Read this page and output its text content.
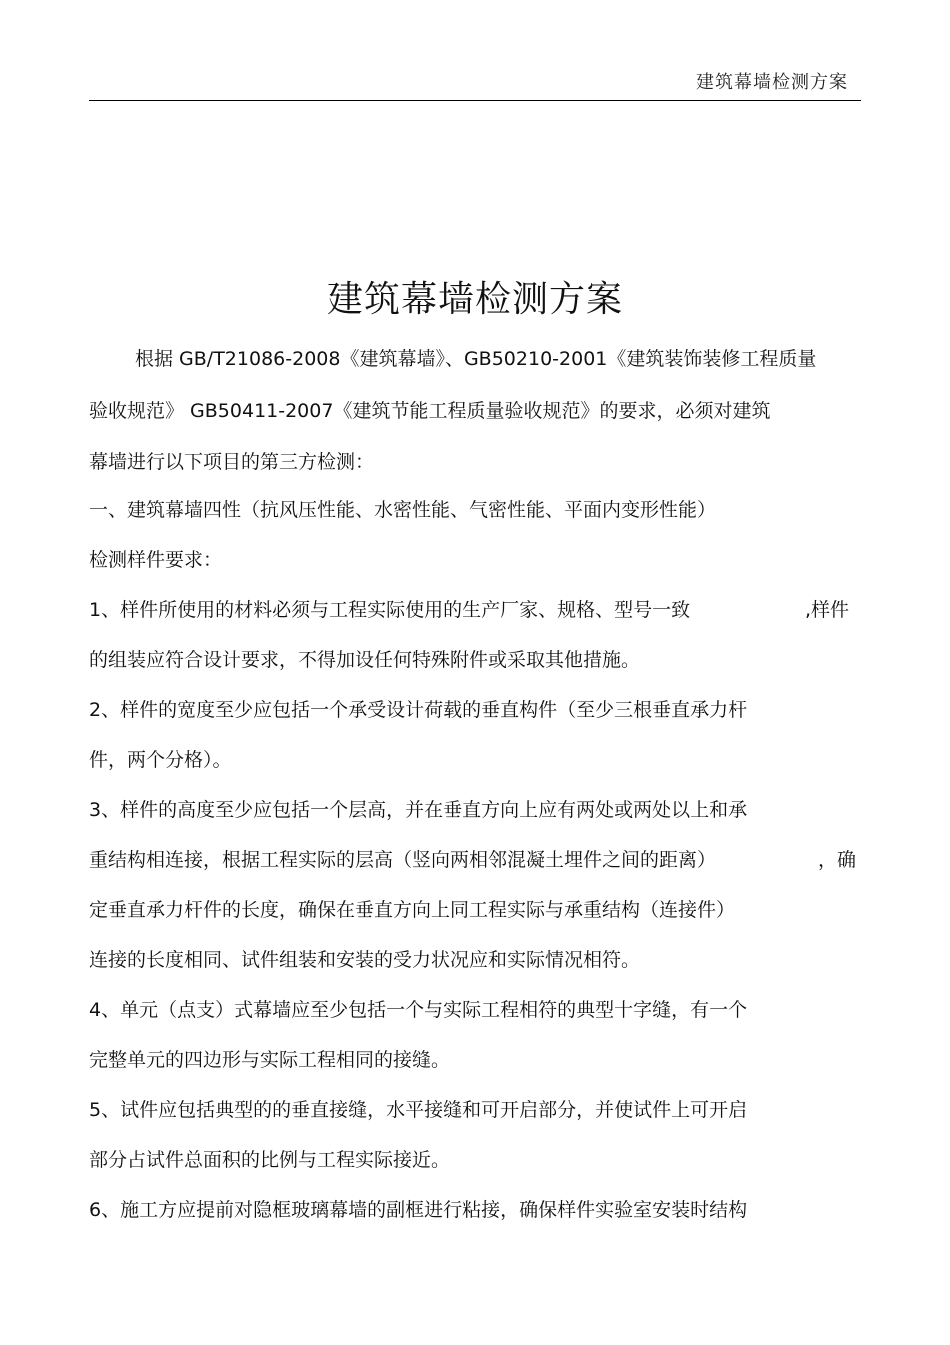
建筑幕墙检测方案
建筑幕墙检测方案
根据 GB/T21086-2008《建筑幕墙》、GB50210-2001《建筑装饰装修工程质量
验收规范》 GB50411-2007《建筑节能工程质量验收规范》的要求，必须对建筑
幕墙进行以下项目的第三方检测：
一、建筑幕墙四性（抗风压性能、水密性能、气密性能、平面内变形性能）
检测样件要求：
1、样件所使用的材料必须与工程实际使用的生产厂家、规格、型号一致	,样件
的组装应符合设计要求，不得加设任何特殊附件或采取其他措施。
2、样件的宽度至少应包括一个承受设计荷载的垂直构件（至少三根垂直承力杆
件，两个分格）。
3、样件的高度至少应包括一个层高，并在垂直方向上应有两处或两处以上和承
重结构相连接，根据工程实际的层高（竖向两相邻混凝土埋件之间的距离）	，确
定垂直承力杆件的长度，确保在垂直方向上同工程实际与承重结构（连接件）
连接的长度相同、试件组装和安装的受力状况应和实际情况相符。
4、单元（点支）式幕墙应至少包括一个与实际工程相符的典型十字缝，有一个
完整单元的四边形与实际工程相同的接缝。
5、试件应包括典型的的垂直接缝，水平接缝和可开启部分，并使试件上可开启
部分占试件总面积的比例与工程实际接近。
6、施工方应提前对隐框玻璃幕墙的副框进行粘接，确保样件实验室安装时结构
